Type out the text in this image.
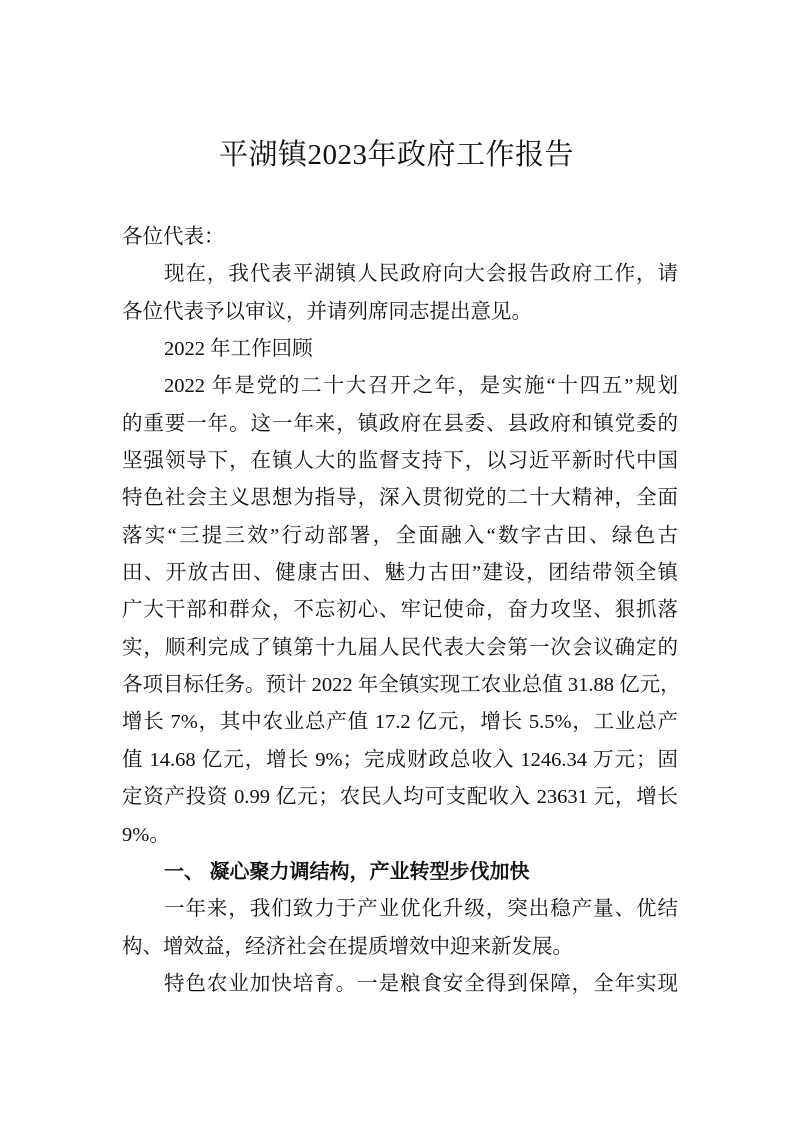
平湖镇2023年政府工作报告
各位代表：
现在，我代表平湖镇人民政府向大会报告政府工作，请
各位代表予以审议，并请列席同志提出意见。
2022 年工作回顾
2022 年是党的二十大召开之年，是实施“十四五”规划
的重要一年。这一年来，镇政府在县委、县政府和镇党委的
坚强领导下，在镇人大的监督支持下，以习近平新时代中国
特色社会主义思想为指导，深入贯彻党的二十大精神，全面
落实“三提三效”行动部署，全面融入“数字古田、绿色古
田、开放古田、健康古田、魅力古田”建设，团结带领全镇
广大干部和群众，不忘初心、牢记使命，奋力攻坚、狠抓落
实，顺利完成了镇第十九届人民代表大会第一次会议确定的
各项目标任务。预计 2022 年全镇实现工农业总值 31.88 亿元，
增长 7%，其中农业总产值 17.2 亿元，增长 5.5%，工业总产
值 14.68 亿元，增长 9%；完成财政总收入 1246.34 万元；固
定资产投资 0.99 亿元；农民人均可支配收入 23631 元，增长
9%。
一、 凝心聚力调结构，产业转型步伐加快
一年来，我们致力于产业优化升级，突出稳产量、优结
构、增效益，经济社会在提质增效中迎来新发展。
特色农业加快培育。一是粮食安全得到保障，全年实现
